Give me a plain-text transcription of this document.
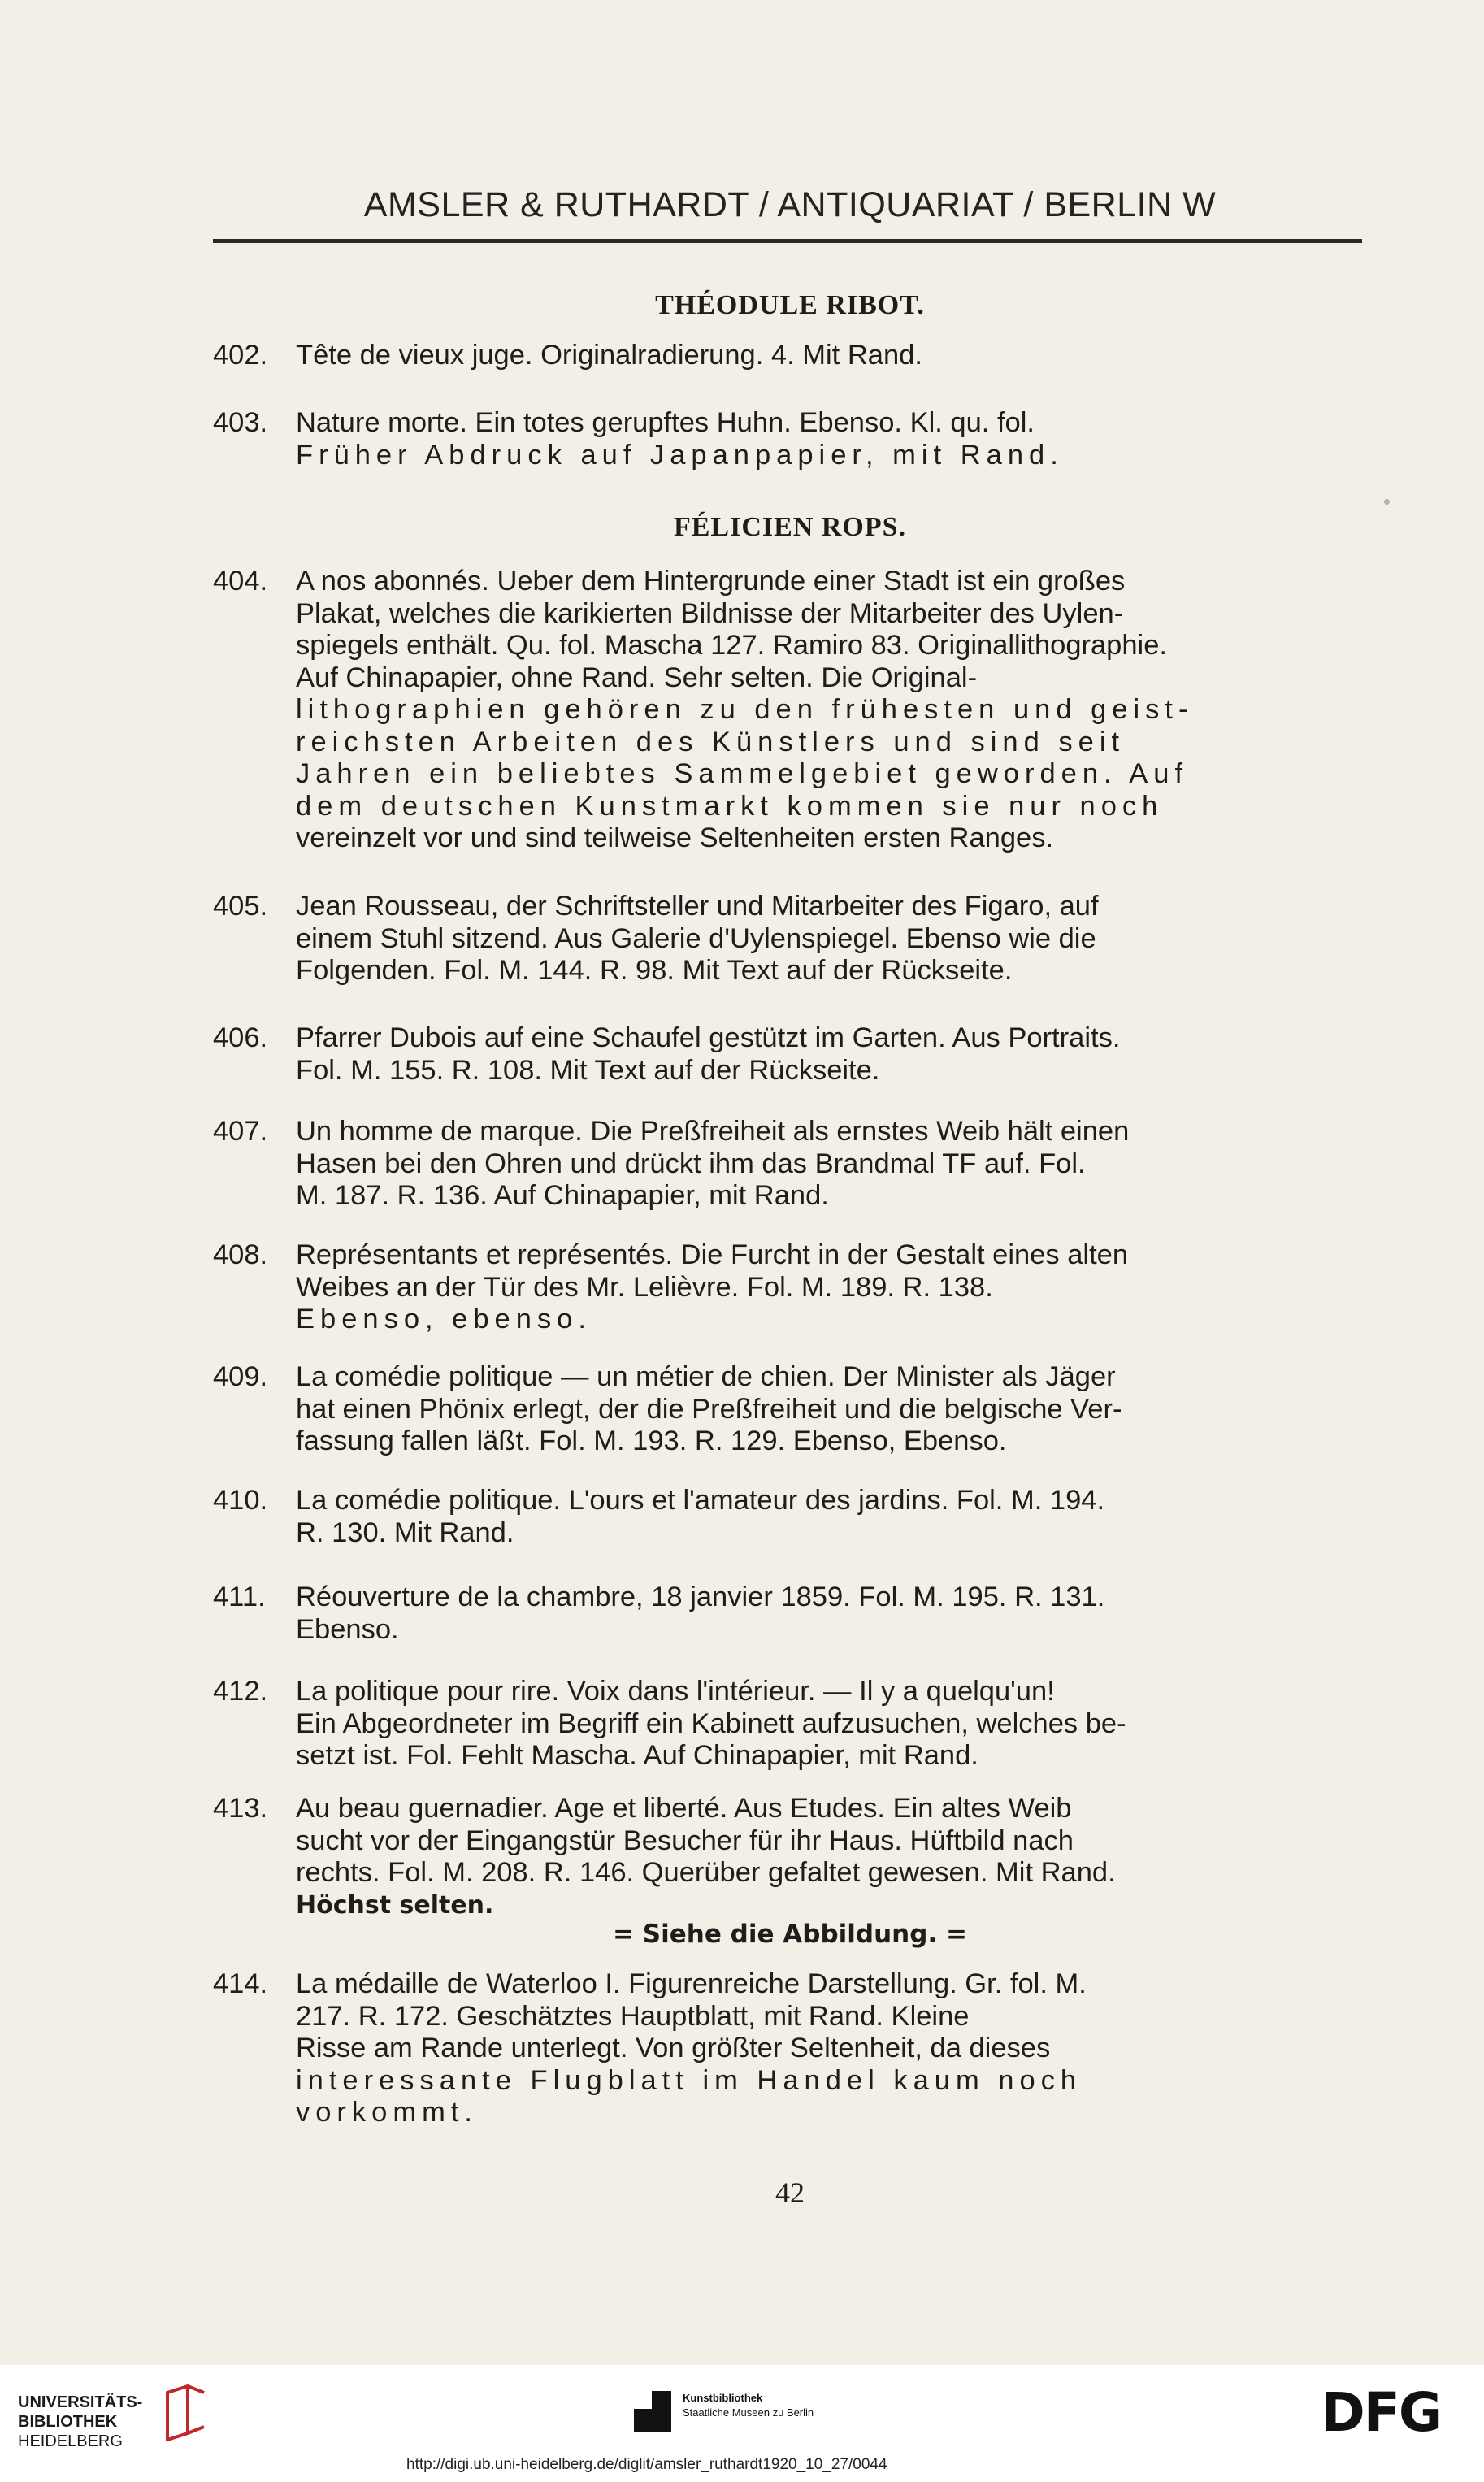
AMSLER & RUTHARDT / ANTIQUARIAT / BERLIN W
THÉODULE RIBOT.
402.	Tête de vieux juge. Originalradierung. 4. Mit Rand.

403.	Nature morte. Ein totes gerupftes Huhn. Ebenso. Kl. qu. fol.

Früher Abdruck auf Japanpapier, mit Rand.

FÉLICIEN ROPS.
404.	A nos abonnés. Ueber dem Hintergrunde einer Stadt ist ein großes

Plakat, welches die karikierten Bildnisse der Mitarbeiter des Uylen-

spiegels enthält. Qu. fol. Mascha 127. Ramiro 83. Originallithographie.

Auf Chinapapier, ohne Rand. Sehr selten. Die Original-

lithographien gehören zu den frühesten und geist-

reichsten Arbeiten des Künstlers und sind seit

Jahren ein beliebtes Sammelgebiet geworden. Auf

dem deutschen Kunstmarkt kommen sie nur noch

vereinzelt vor und sind teilweise Seltenheiten ersten Ranges.

405.	Jean Rousseau, der Schriftsteller und Mitarbeiter des Figaro, auf

einem Stuhl sitzend. Aus Galerie d'Uylenspiegel. Ebenso wie die

Folgenden. Fol. M. 144. R. 98. Mit Text auf der Rückseite.

406.	Pfarrer Dubois auf eine Schaufel gestützt im Garten. Aus Portraits.

Fol. M. 155. R. 108. Mit Text auf der Rückseite.

407.	Un homme de marque. Die Preßfreiheit als ernstes Weib hält einen

Hasen bei den Ohren und drückt ihm das Brandmal TF auf. Fol.

M. 187. R. 136. Auf Chinapapier, mit Rand.

408.	Représentants et représentés. Die Furcht in der Gestalt eines alten

Weibes an der Tür des Mr. Lelièvre. Fol. M. 189. R. 138.

Ebenso, ebenso.

409.	La comédie politique — un métier de chien. Der Minister als Jäger

hat einen Phönix erlegt, der die Preßfreiheit und die belgische Ver-

fassung fallen läßt. Fol. M. 193. R. 129. Ebenso, Ebenso.

410.	La comédie politique. L'ours et l'amateur des jardins. Fol. M. 194.

R. 130. Mit Rand.

411.	Réouverture de la chambre, 18 janvier 1859. Fol. M. 195. R. 131.

Ebenso.

412.	La politique pour rire. Voix dans l'intérieur. — Il y a quelqu'un!

Ein Abgeordneter im Begriff ein Kabinett aufzusuchen, welches be-

setzt ist. Fol. Fehlt Mascha. Auf Chinapapier, mit Rand.

413.	Au beau guernadier. Age et liberté. Aus Etudes. Ein altes Weib

sucht vor der Eingangstür Besucher für ihr Haus. Hüftbild nach

rechts. Fol. M. 208. R. 146. Querüber gefaltet gewesen. Mit Rand.

Höchst selten.

= Siehe die Abbildung. =
414.	La médaille de Waterloo I. Figurenreiche Darstellung. Gr. fol. M.

217. R. 172. Geschätztes Hauptblatt, mit Rand. Kleine

Risse am Rande unterlegt. Von größter Seltenheit, da dieses

interessante Flugblatt im Handel kaum noch

vorkommt.

42
UNIVERSITÄTS-
BIBLIOTHEK
HEIDELBERG
Kunstbibliothek
Staatliche Museen zu Berlin	DFG
http://digi.ub.uni-heidelberg.de/diglit/amsler_ruthardt1920_10_27/0044
